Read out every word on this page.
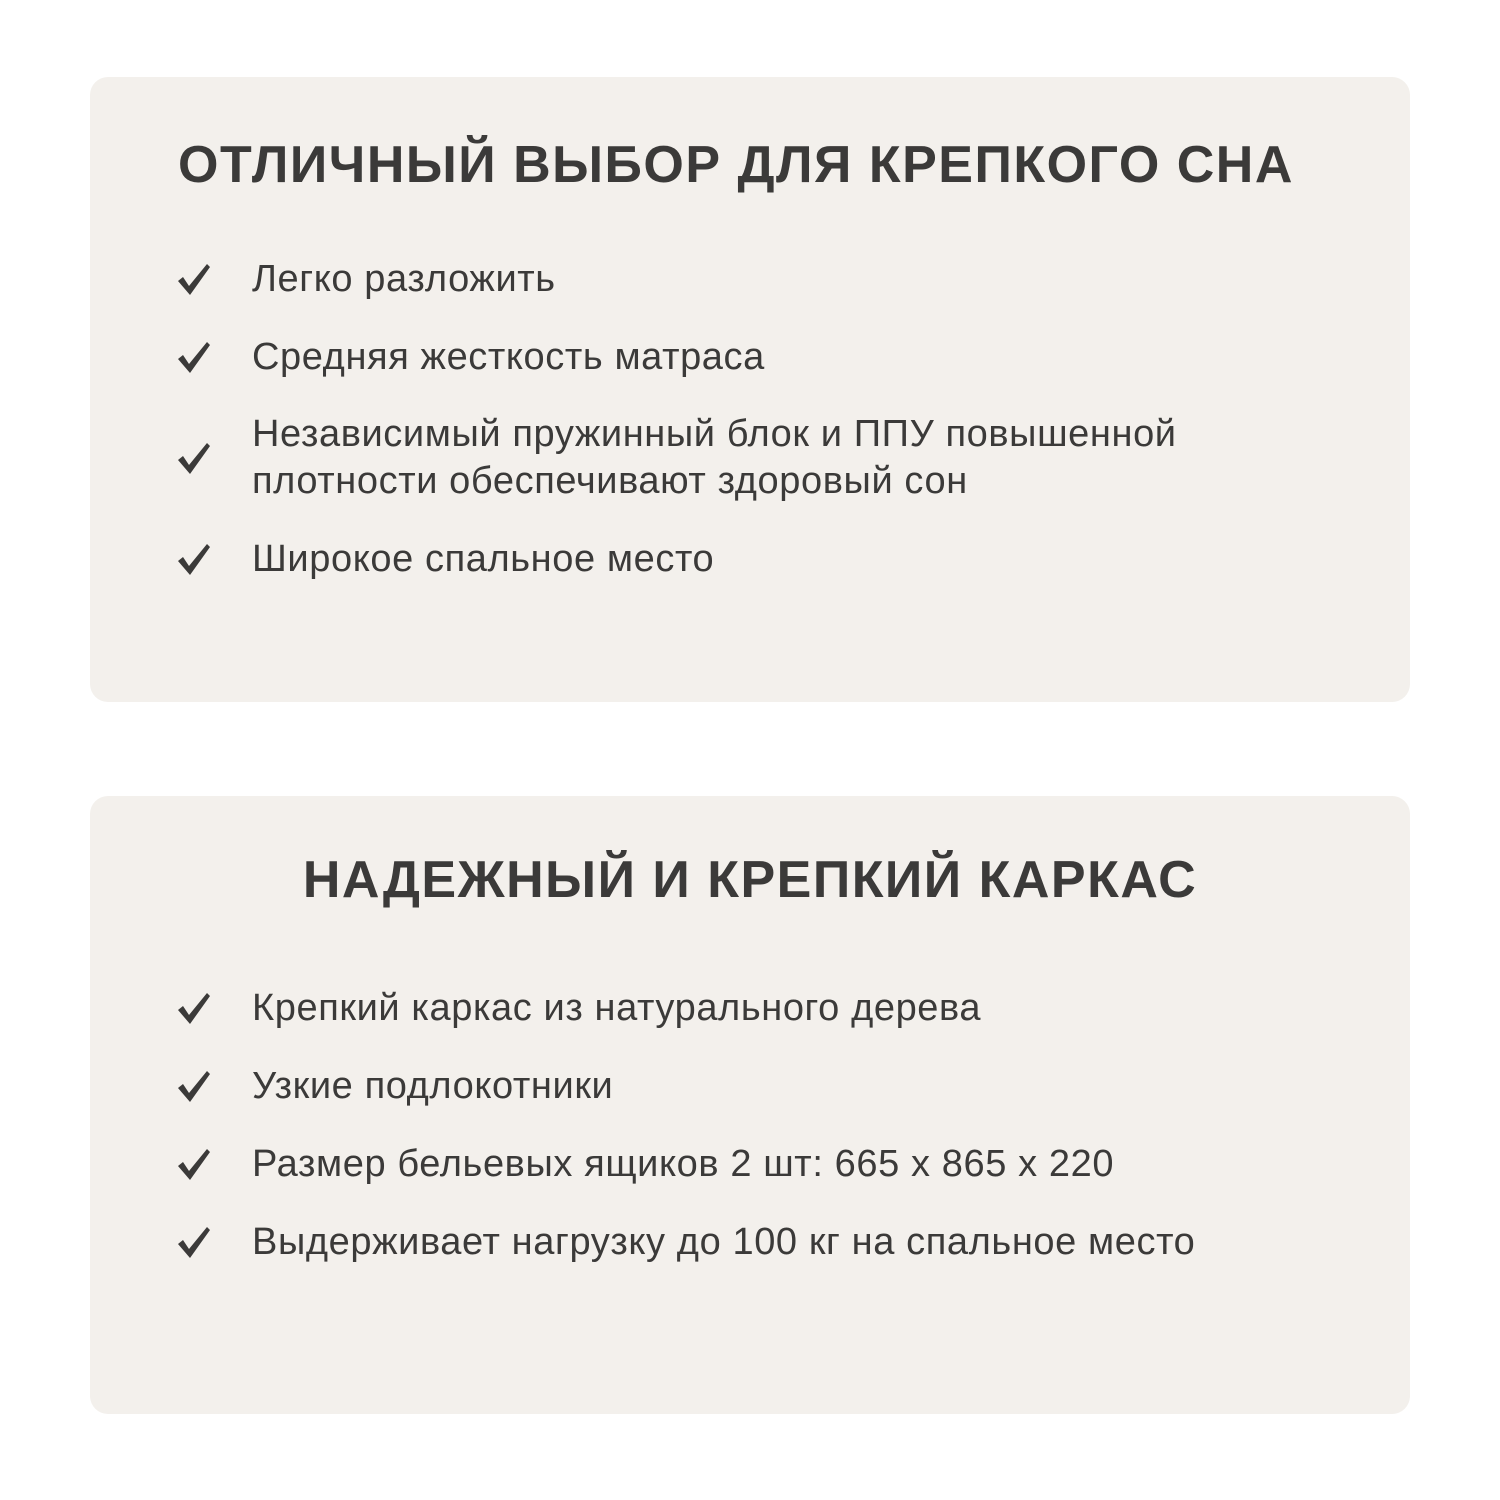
ОТЛИЧНЫЙ ВЫБОР ДЛЯ КРЕПКОГО СНА
Легко разложить
Средняя жесткость матраса
Независимый пружинный блок и ППУ повышенной плотности обеспечивают здоровый сон
Широкое спальное место
НАДЕЖНЫЙ И КРЕПКИЙ КАРКАС
Крепкий каркас из натурального дерева
Узкие подлокотники
Размер бельевых ящиков 2 шт: 665 х 865 х 220
Выдерживает нагрузку до 100 кг на спальное место
